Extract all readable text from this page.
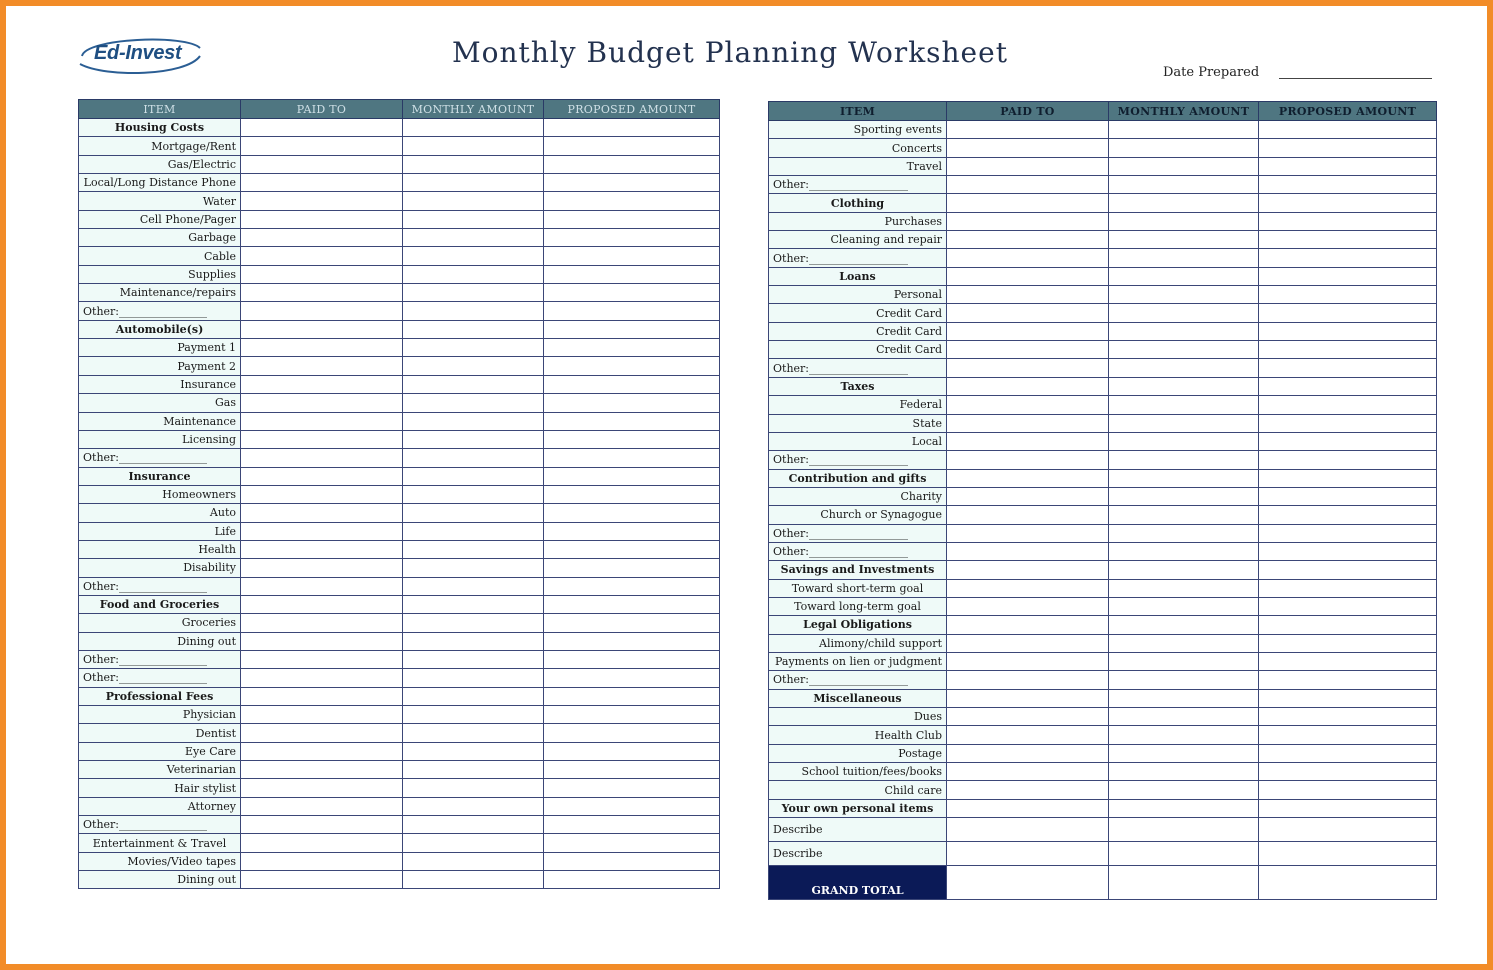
Ed-Invest	Monthly Budget Planning Worksheet
Date Prepared
ITEM	PAID TO	MONTHLY AMOUNT	PROPOSED AMOUNT
Housing Costs			
Mortgage/Rent			
Gas/Electric			
Local/Long Distance Phone			
Water			
Cell Phone/Pager			
Garbage			
Cable			
Supplies			
Maintenance/repairs			
Other:________________			
Automobile(s)			
Payment 1			
Payment 2			
Insurance			
Gas			
Maintenance			
Licensing			
Other:________________			
Insurance			
Homeowners			
Auto			
Life			
Health			
Disability			
Other:________________			
Food and Groceries			
Groceries			
Dining out			
Other:________________			
Other:________________			
Professional Fees			
Physician			
Dentist			
Eye Care			
Veterinarian			
Hair stylist			
Attorney			
Other:________________			
Entertainment & Travel			
Movies/Video tapes			
Dining out			
ITEM	PAID TO	MONTHLY AMOUNT	PROPOSED AMOUNT
Sporting events			
Concerts			
Travel			
Other:__________________			
Clothing			
Purchases			
Cleaning and repair			
Other:__________________			
Loans			
Personal			
Credit Card			
Credit Card			
Credit Card			
Other:__________________			
Taxes			
Federal			
State			
Local			
Other:__________________			
Contribution and gifts			
Charity			
Church or Synagogue			
Other:__________________			
Other:__________________			
Savings and Investments			
Toward short-term goal			
Toward long-term goal			
Legal Obligations			
Alimony/child support			
Payments on lien or judgment			
Other:__________________			
Miscellaneous			
Dues			
Health Club			
Postage			
School tuition/fees/books			
Child care			
Your own personal items			
Describe			
Describe			
GRAND TOTAL			
